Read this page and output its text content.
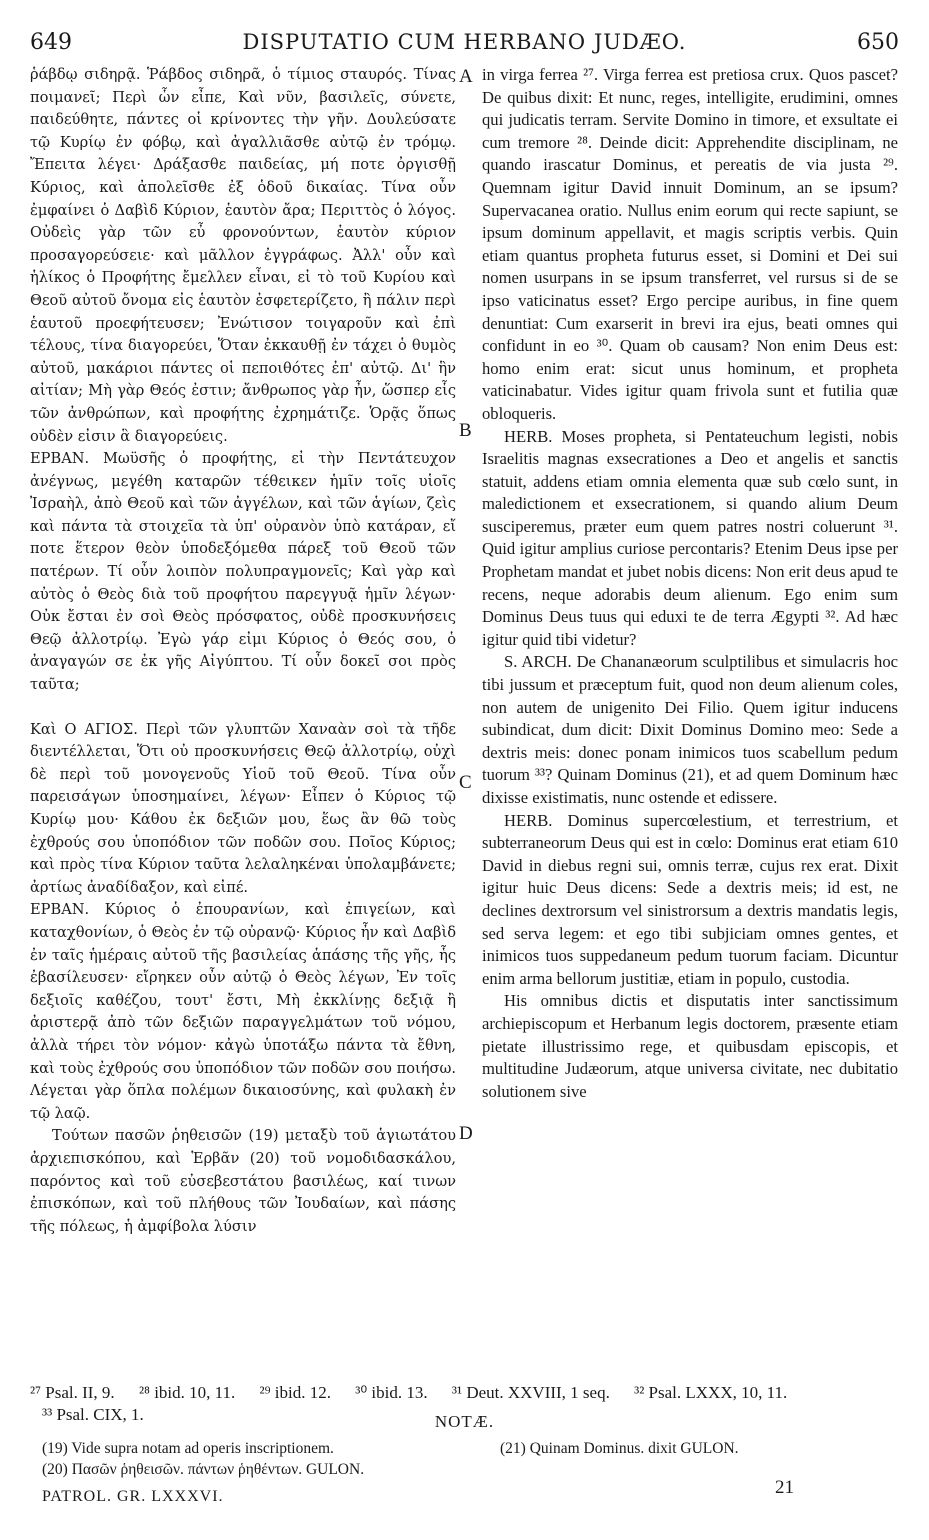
649	DISPUTATIO CUM HERBANO JUDÆO.	650

ῥάβδῳ σιδηρᾷ. Ῥάβδος σιδηρᾶ, ὁ τίμιος σταυρός. Τίνας ποιμανεῖ; Περὶ ὧν εἶπε, Καὶ νῦν, βασιλεῖς, σύνετε, παιδεύθητε, πάντες οἱ κρίνοντες τὴν γῆν. Δουλεύσατε τῷ Κυρίῳ ἐν φόβῳ, καὶ ἀγαλλιᾶσθε αὐτῷ ἐν τρόμῳ. Ἔπειτα λέγει· Δράξασθε παιδείας, μή ποτε ὀργισθῇ Κύριος, καὶ ἀπολεῖσθε ἐξ ὁδοῦ δικαίας. Τίνα οὖν ἐμφαίνει ὁ Δαβὶδ Κύριον, ἑαυτὸν ἄρα; Περιττὸς ὁ λόγος. Οὐδεὶς γὰρ τῶν εὖ φρονούντων, ἑαυτὸν κύριον προσαγορεύσειε· καὶ μᾶλλον ἐγγράφως. Ἀλλ' οὖν καὶ ἡλίκος ὁ Προφήτης ἔμελλεν εἶναι, εἰ τὸ τοῦ Κυρίου καὶ Θεοῦ αὐτοῦ ὄνομα εἰς ἑαυτὸν ἐσφετερίζετο, ἢ πάλιν περὶ ἑαυτοῦ προεφήτευσεν; Ἐνώτισον τοιγαροῦν καὶ ἐπὶ τέλους, τίνα διαγορεύει, Ὅταν ἐκκαυθῇ ἐν τάχει ὁ θυμὸς αὐτοῦ, μακάριοι πάντες οἱ πεποιθότες ἐπ' αὐτῷ. Δι' ἣν αἰτίαν; Μὴ γὰρ Θεός ἐστιν; ἄνθρωπος γὰρ ἦν, ὥσπερ εἷς τῶν ἀνθρώπων, καὶ προφήτης ἐχρημάτιζε. Ὁρᾷς ὅπως οὐδὲν εἰσιν ἃ διαγορεύεις.

ΕΡΒΑΝ. Μωϋσῆς ὁ προφήτης, εἰ τὴν Πεντάτευχον ἀνέγνως, μεγέθη καταρῶν τέθεικεν ἡμῖν τοῖς υἱοῖς Ἰσραὴλ, ἀπὸ Θεοῦ καὶ τῶν ἀγγέλων, καὶ τῶν ἁγίων, ζεὶς καὶ πάντα τὰ στοιχεῖα τὰ ὑπ' οὐρανὸν ὑπὸ κατάραν, εἴ ποτε ἕτερον θεὸν ὑποδεξόμεθα πάρεξ τοῦ Θεοῦ τῶν πατέρων. Τί οὖν λοιπὸν πολυπραγμονεῖς; Καὶ γὰρ καὶ αὐτὸς ὁ Θεὸς διὰ τοῦ προφήτου παρεγγυᾷ ἡμῖν λέγων· Οὐκ ἔσται ἐν σοὶ Θεὸς πρόσφατος, οὐδὲ προσκυνήσεις Θεῷ ἀλλοτρίῳ. Ἐγὼ γάρ εἰμι Κύριος ὁ Θεός σου, ὁ ἀναγαγών σε ἐκ γῆς Αἰγύπτου. Τί οὖν δοκεῖ σοι πρὸς ταῦτα;

Καὶ Ο ΑΓΙΟΣ. Περὶ τῶν γλυπτῶν Χαναὰν σοὶ τὰ τῆδε διεντέλλεται, Ὅτι οὐ προσκυνήσεις Θεῷ ἀλλοτρίῳ, οὐχὶ δὲ περὶ τοῦ μονογενοῦς Υἱοῦ τοῦ Θεοῦ. Τίνα οὖν παρεισάγων ὑποσημαίνει, λέγων· Εἶπεν ὁ Κύριος τῷ Κυρίῳ μου· Κάθου ἐκ δεξιῶν μου, ἕως ἂν θῶ τοὺς ἐχθρούς σου ὑποπόδιον τῶν ποδῶν σου. Ποῖος Κύριος; καὶ πρὸς τίνα Κύριον ταῦτα λελαληκέναι ὑπολαμβάνετε; ἀρτίως ἀναδίδαξον, καὶ εἰπέ.

ΕΡΒΑΝ. Κύριος ὁ ἐπουρανίων, καὶ ἐπιγείων, καὶ καταχθονίων, ὁ Θεὸς ἐν τῷ οὐρανῷ· Κύριος ἦν καὶ Δαβὶδ ἐν ταῖς ἡμέραις αὐτοῦ τῆς βασιλείας ἁπάσης τῆς γῆς, ἧς ἐβασίλευσεν· εἴρηκεν οὖν αὐτῷ ὁ Θεὸς λέγων, Ἐν τοῖς δεξιοῖς καθέζου, τουτ' ἔστι, Μὴ ἐκκλίνῃς δεξιᾷ ἢ ἀριστερᾷ ἀπὸ τῶν δεξιῶν παραγγελμάτων τοῦ νόμου, ἀλλὰ τήρει τὸν νόμον· κἀγὼ ὑποτάξω πάντα τὰ ἔθνη, καὶ τοὺς ἐχθρούς σου ὑποπόδιον τῶν ποδῶν σου ποιήσω. Λέγεται γὰρ ὅπλα πολέμων δικαιοσύνης, καὶ φυλακὴ ἐν τῷ λαῷ.

Τούτων πασῶν ῥηθεισῶν (19) μεταξὺ τοῦ ἁγιωτάτου ἀρχιεπισκόπου, καὶ Ἑρβᾶν (20) τοῦ νομοδιδασκάλου, παρόντος καὶ τοῦ εὐσεβεστάτου βασιλέως, καί τινων ἐπισκόπων, καὶ τοῦ πλήθους τῶν Ἰουδαίων, καὶ πάσης τῆς πόλεως, ἡ ἀμφίβολα λύσιν

A
B
C
D

in virga ferrea ²⁷. Virga ferrea est pretiosa crux. Quos pascet? De quibus dixit: Et nunc, reges, intelligite, erudimini, omnes qui judicatis terram. Servite Domino in timore, et exsultate ei cum tremore ²⁸. Deinde dicit: Apprehendite disciplinam, ne quando irascatur Dominus, et pereatis de via justa ²⁹. Quemnam igitur David innuit Dominum, an se ipsum? Supervacanea oratio. Nullus enim eorum qui recte sapiunt, se ipsum dominum appellavit, et magis scriptis verbis. Quin etiam quantus propheta futurus esset, si Domini et Dei sui nomen usurpans in se ipsum transferret, vel rursus si de se ipso vaticinatus esset? Ergo percipe auribus, in fine quem denuntiat: Cum exarserit in brevi ira ejus, beati omnes qui confidunt in eo ³⁰. Quam ob causam? Non enim Deus est: homo enim erat: sicut unus hominum, et propheta vaticinabatur. Vides igitur quam frivola sunt et futilia quæ obloqueris.

HERB. Moses propheta, si Pentateuchum legisti, nobis Israelitis magnas exsecrationes a Deo et angelis et sanctis statuit, addens etiam omnia elementa quæ sub cœlo sunt, in maledictionem et exsecrationem, si quando alium Deum susciperemus, præter eum quem patres nostri coluerunt ³¹. Quid igitur amplius curiose percontaris? Etenim Deus ipse per Prophetam mandat et jubet nobis dicens: Non erit deus apud te recens, neque adorabis deum alienum. Ego enim sum Dominus Deus tuus qui eduxi te de terra Ægypti ³². Ad hæc igitur quid tibi videtur?

S. ARCH. De Chananæorum sculptilibus et simulacris hoc tibi jussum et præceptum fuit, quod non deum alienum coles, non autem de unigenito Dei Filio. Quem igitur inducens subindicat, dum dicit: Dixit Dominus Domino meo: Sede a dextris meis: donec ponam inimicos tuos scabellum pedum tuorum ³³? Quinam Dominus (21), et ad quem Dominum hæc dixisse existimatis, nunc ostende et edissere.

HERB. Dominus supercœlestium, et terrestrium, et subterraneorum Deus qui est in cœlo: Dominus erat etiam 610 David in diebus regni sui, omnis terræ, cujus rex erat. Dixit igitur huic Deus dicens: Sede a dextris meis; id est, ne declines dextrorsum vel sinistrorsum a dextris mandatis legis, sed serva legem: et ego tibi subjiciam omnes gentes, et inimicos tuos suppedaneum pedum tuorum faciam. Dicuntur enim arma bellorum justitiæ, etiam in populo, custodia.

His omnibus dictis et disputatis inter sanctissimum archiepiscopum et Herbanum legis doctorem, præsente etiam pietate illustrissimo rege, et quibusdam episcopis, et multitudine Judæorum, atque universa civitate, nec dubitatio solutionem sive

²⁷ Psal. II, 9. ²⁸ ibid. 10, 11. ²⁹ ibid. 12. ³⁰ ibid. 13. ³¹ Deut. XXVIII, 1 seq. ³² Psal. LXXX, 10, 11.
³³ Psal. CIX, 1.	NOTÆ.
(19) Vide supra notam ad operis inscriptionem.
(20) Πασῶν ῥηθεισῶν. πάντων ῥηθέντων. GULON.
(21) Quinam Dominus. dixit GULON.
PATROL. GR. LXXXVI.	21
